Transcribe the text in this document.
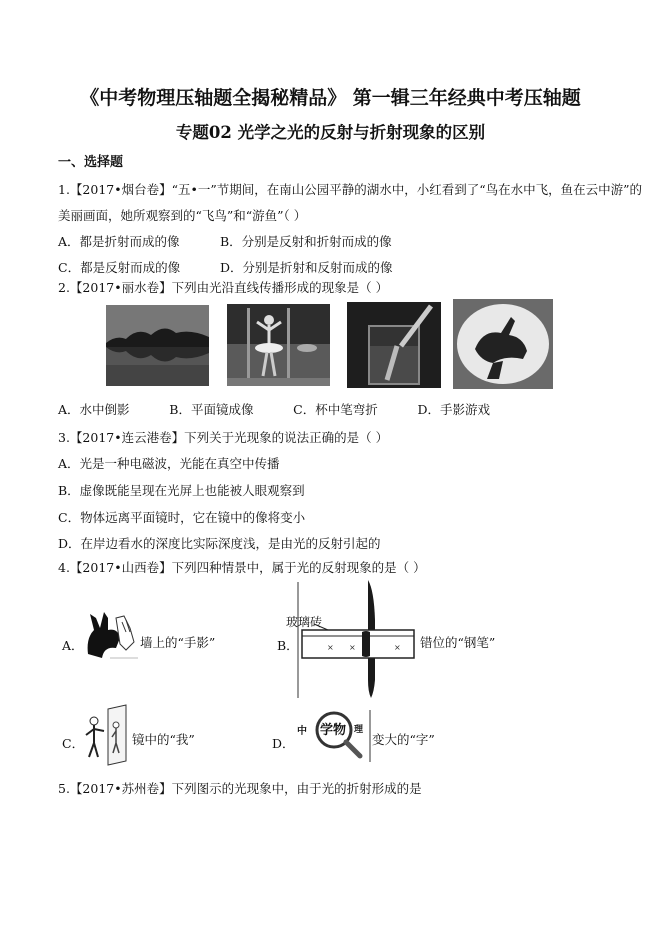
《中考物理压轴题全揭秘精品》 第一辑三年经典中考压轴题
专题02 光学之光的反射与折射现象的区别
一、选择题
1.【2017•烟台卷】“五•一”节期间，在南山公园平静的湖水中，小红看到了“鸟在水中飞，鱼在云中游”的
美丽画面，她所观察到的“飞鸟”和“游鱼”（ ）
A．都是折射而成的像	B．分别是反射和折射而成的像
C．都是反射而成的像	D．分别是折射和反射而成的像
2.【2017•丽水卷】下列由光沿直线传播形成的现象是（ ）
A．水中倒影          B．平面镜成像          C．杯中笔弯折          D．手影游戏
3.【2017•连云港卷】下列关于光现象的说法正确的是（ ）
A．光是一种电磁波，光能在真空中传播
B．虚像既能呈现在光屏上也能被人眼观察到
C．物体远离平面镜时，它在镜中的像将变小
D．在岸边看水的深度比实际深度浅，是由光的反射引起的
4.【2017•山西卷】下列四种情景中，属于光的反射现象的是（ ）
A．	墙上的“手影”	B．	× ×	×
玻璃砖
错位的“钢笔”
C．	镜中的“我”	D．
中 学物 理
变大的“字”
5.【2017•苏州卷】下列图示的光现象中，由于光的折射形成的是
